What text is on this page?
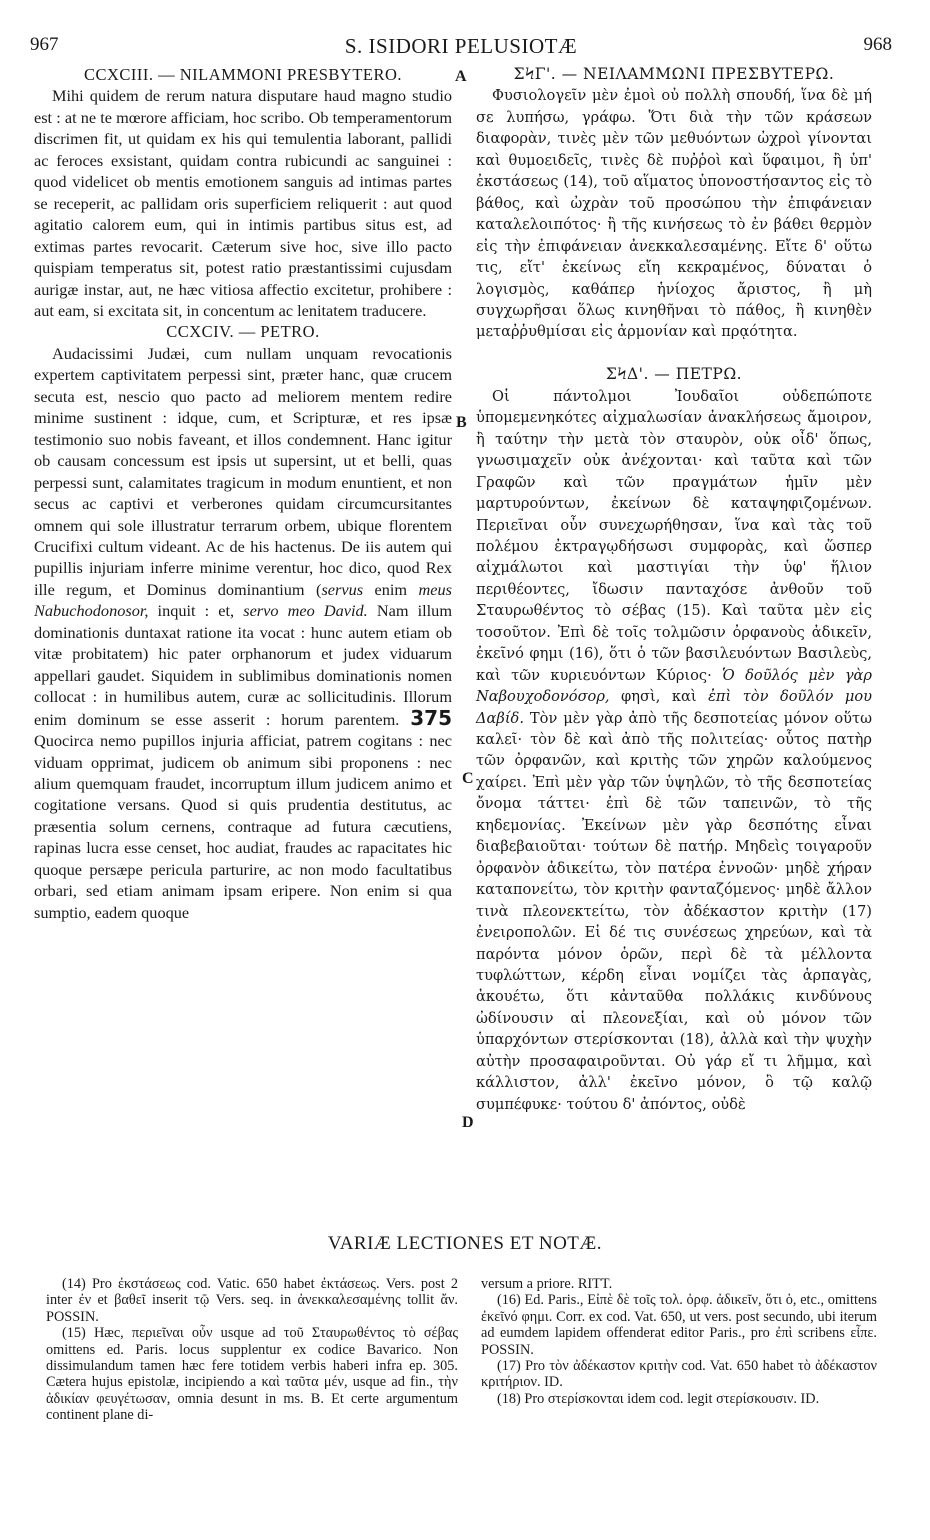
967	S. ISIDORI PELUSIOTÆ	968
A
B
C
D

CCXCIII. — NILAMMONI PRESBYTERO.

Mihi quidem de rerum natura disputare haud magno studio est : at ne te mœrore afficiam, hoc scribo. Ob temperamentorum discrimen fit, ut quidam ex his qui temulentia laborant, pallidi ac feroces exsistant, quidam contra rubicundi ac sanguinei : quod videlicet ob mentis emotionem sanguis ad intimas partes se receperit, ac pallidam oris superficiem reliquerit : aut quod agitatio calorem eum, qui in intimis partibus situs est, ad extimas partes revocarit. Cæterum sive hoc, sive illo pacto quispiam temperatus sit, potest ratio præstantissimi cujusdam aurigæ instar, aut, ne hæc vitiosa affectio excitetur, prohibere : aut eam, si excitata sit, in concentum ac lenitatem traducere.

CCXCIV. — PETRO.

Audacissimi Judæi, cum nullam unquam revocationis expertem captivitatem perpessi sint, præter hanc, quæ crucem secuta est, nescio quo pacto ad meliorem mentem redire minime sustinent : idque, cum, et Scripturæ, et res ipsæ testimonio suo nobis faveant, et illos condemnent. Hanc igitur ob causam concessum est ipsis ut supersint, ut et belli, quas perpessi sunt, calamitates tragicum in modum enuntient, et non secus ac captivi et verberones quidam circumcursitantes omnem qui sole illustratur terrarum orbem, ubique florentem Crucifixi cultum videant. Ac de his hactenus. De iis autem qui pupillis injuriam inferre minime verentur, hoc dico, quod Rex ille regum, et Dominus dominantium (servus enim meus Nabuchodonosor, inquit : et, servo meo David. Nam illum dominationis duntaxat ratione ita vocat : hunc autem etiam ob vitæ probitatem) hic pater orphanorum et judex viduarum appellari gaudet. Siquidem in sublimibus dominationis nomen collocat : in humilibus autem, curæ ac sollicitudinis. Illorum enim dominum se esse asserit : horum parentem. 375 Quocirca nemo pupillos injuria afficiat, patrem cogitans : nec viduam opprimat, judicem ob animum sibi proponens : nec alium quemquam fraudet, incorruptum illum judicem animo et cogitatione versans. Quod si quis prudentia destitutus, ac præsentia solum cernens, contraque ad futura cæcutiens, rapinas lucra esse censet, hoc audiat, fraudes ac rapacitates hic quoque persæpe pericula parturire, ac non modo facultatibus orbari, sed etiam animam ipsam eripere. Non enim si qua sumptio, eadem quoque

ΣϞΓ'. — ΝΕΙΛΑΜΜΩΝΙ ΠΡΕΣΒΥΤΕΡΩ.

Φυσιολογεῖν μὲν ἐμοὶ οὐ πολλὴ σπουδή, ἵνα δὲ μή σε λυπήσω, γράφω. Ὅτι διὰ τὴν τῶν κράσεων διαφορὰν, τινὲς μὲν τῶν μεθυόντων ὠχροὶ γίνονται καὶ θυμοειδεῖς, τινὲς δὲ πυῤῥοὶ καὶ ὕφαιμοι, ἢ ὑπ' ἐκστάσεως (14), τοῦ αἵματος ὑπονοστήσαντος εἰς τὸ βάθος, καὶ ὠχρὰν τοῦ προσώπου τὴν ἐπιφάνειαν καταλελοιπότος· ἢ τῆς κινήσεως τὸ ἐν βάθει θερμὸν εἰς τὴν ἐπιφάνειαν ἀνεκκαλεσαμένης. Εἴτε δ' οὕτω τις, εἴτ' ἐκείνως εἴη κεκραμένος, δύναται ὁ λογισμὸς, καθάπερ ἡνίοχος ἄριστος, ἢ μὴ συγχωρῆσαι ὅλως κινηθῆναι τὸ πάθος, ἢ κινηθὲν μεταῤῥυθμίσαι εἰς ἁρμονίαν καὶ πρᾳότητα.

ΣϞΔ'. — ΠΕΤΡΩ.

Οἱ πάντολμοι Ἰουδαῖοι οὐδεπώποτε ὑπομεμενηκότες αἰχμαλωσίαν ἀνακλήσεως ἄμοιρον, ἢ ταύτην τὴν μετὰ τὸν σταυρὸν, οὐκ οἶδ' ὅπως, γνωσιμαχεῖν οὐκ ἀνέχονται· καὶ ταῦτα καὶ τῶν Γραφῶν καὶ τῶν πραγμάτων ἡμῖν μὲν μαρτυρούντων, ἐκείνων δὲ καταψηφιζομένων. Περιεῖναι οὖν συνεχωρήθησαν, ἵνα καὶ τὰς τοῦ πολέμου ἐκτραγῳδήσωσι συμφορὰς, καὶ ὥσπερ αἰχμάλωτοι καὶ μαστιγίαι τὴν ὑφ' ἥλιον περιθέοντες, ἴδωσιν πανταχόσε ἀνθοῦν τοῦ Σταυρωθέντος τὸ σέβας (15). Καὶ ταῦτα μὲν εἰς τοσοῦτον. Ἐπὶ δὲ τοῖς τολμῶσιν ὀρφανοὺς ἀδικεῖν, ἐκεῖνό φημι (16), ὅτι ὁ τῶν βασιλευόντων Βασιλεὺς, καὶ τῶν κυριευόντων Κύριος· Ὁ δοῦλός μὲν γὰρ Ναβουχοδονόσορ, φησὶ, καὶ ἐπὶ τὸν δοῦλόν μου Δαβίδ. Τὸν μὲν γὰρ ἀπὸ τῆς δεσποτείας μόνον οὕτω καλεῖ· τὸν δὲ καὶ ἀπὸ τῆς πολιτείας· οὗτος πατὴρ τῶν ὀρφανῶν, καὶ κριτὴς τῶν χηρῶν καλούμενος χαίρει. Ἐπὶ μὲν γὰρ τῶν ὑψηλῶν, τὸ τῆς δεσποτείας ὄνομα τάττει· ἐπὶ δὲ τῶν ταπεινῶν, τὸ τῆς κηδεμονίας. Ἐκείνων μὲν γὰρ δεσπότης εἶναι διαβεβαιοῦται· τούτων δὲ πατήρ. Μηδεὶς τοιγαροῦν ὀρφανὸν ἀδικείτω, τὸν πατέρα ἐννοῶν· μηδὲ χήραν καταπονείτω, τὸν κριτὴν φανταζόμενος· μηδὲ ἄλλον τινὰ πλεονεκτείτω, τὸν ἀδέκαστον κριτὴν (17) ἐνειροπολῶν. Εἰ δέ τις συνέσεως χηρεύων, καὶ τὰ παρόντα μόνον ὁρῶν, περὶ δὲ τὰ μέλλοντα τυφλώττων, κέρδη εἶναι νομίζει τὰς ἁρπαγὰς, ἀκουέτω, ὅτι κἀνταῦθα πολλάκις κινδύνους ὠδίνουσιν αἱ πλεονεξίαι, καὶ οὐ μόνον τῶν ὑπαρχόντων στερίσκονται (18), ἀλλὰ καὶ τὴν ψυχὴν αὐτὴν προσαφαιροῦνται. Οὐ γάρ εἴ τι λῆμμα, καὶ κάλλιστον, ἀλλ' ἐκεῖνο μόνον, ὃ τῷ καλῷ συμπέφυκε· τούτου δ' ἀπόντος, οὐδὲ

VARIÆ LECTIONES ET NOTÆ.

(14) Pro ἐκστάσεως cod. Vatic. 650 habet ἐκτάσεως. Vers. post 2 inter ἐν et βαθεῖ inserit τῷ Vers. seq. in ἀνεκκαλεσαμένης tollit ἄν. POSSIN.

(15) Hæc, περιεῖναι οὖν usque ad τοῦ Σταυρωθέντος τὸ σέβας omittens ed. Paris. locus supplentur ex codice Bavarico. Non dissimulandum tamen hæc fere totidem verbis haberi infra ep. 305. Cætera hujus epistolæ, incipiendo a καὶ ταῦτα μέν, usque ad fin., τὴν ἀδικίαν φευγέτωσαν, omnia desunt in ms. B. Et certe argumentum continent plane di-

versum a priore. RITT.

(16) Ed. Paris., Εἰπὲ δὲ τοῖς τολ. ὀρφ. ἀδικεῖν, ὅτι ὁ, etc., omittens ἐκεῖνό φημι. Corr. ex cod. Vat. 650, ut vers. post secundo, ubi iterum ad eumdem lapidem offenderat editor Paris., pro ἐπὶ scribens εἶπε. POSSIN.

(17) Pro τὸν ἀδέκαστον κριτὴν cod. Vat. 650 habet τὸ ἀδέκαστον κριτήριον. ID.

(18) Pro στερίσκονται idem cod. legit στερίσκουσιν. ID.
